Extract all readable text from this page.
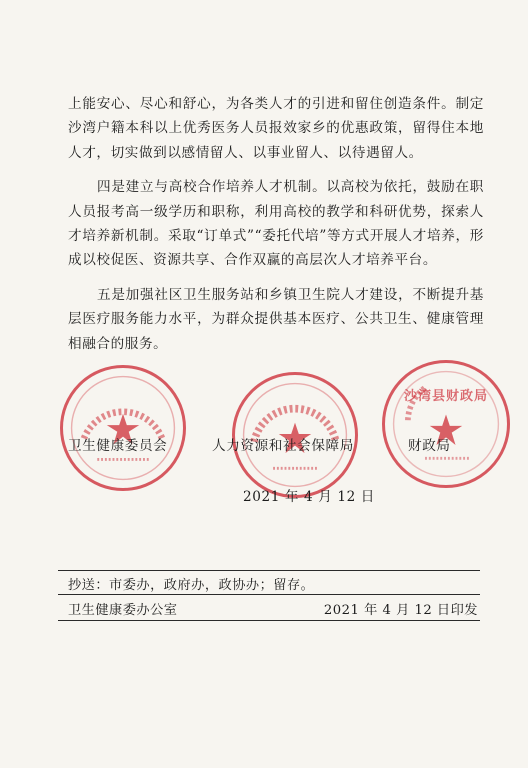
上能安心、尽心和舒心，为各类人才的引进和留住创造条件。制定沙湾户籍本科以上优秀医务人员报效家乡的优惠政策，留得住本地人才，切实做到以感情留人、以事业留人、以待遇留人。

四是建立与高校合作培养人才机制。以高校为依托，鼓励在职人员报考高一级学历和职称，利用高校的教学和科研优势，探索人才培养新机制。采取“订单式”“委托代培”等方式开展人才培养，形成以校促医、资源共享、合作双赢的高层次人才培养平台。

五是加强社区卫生服务站和乡镇卫生院人才建设，不断提升基层医疗服务能力水平，为群众提供基本医疗、公共卫生、健康管理相融合的服务。

沙湾县财政局
卫生健康委员会	人力资源和社会保障局	财政局
2021 年 4 月 12 日
抄送：市委办，政府办，政协办；留存。
卫生健康委办公室	2021 年 4 月 12 日印发
